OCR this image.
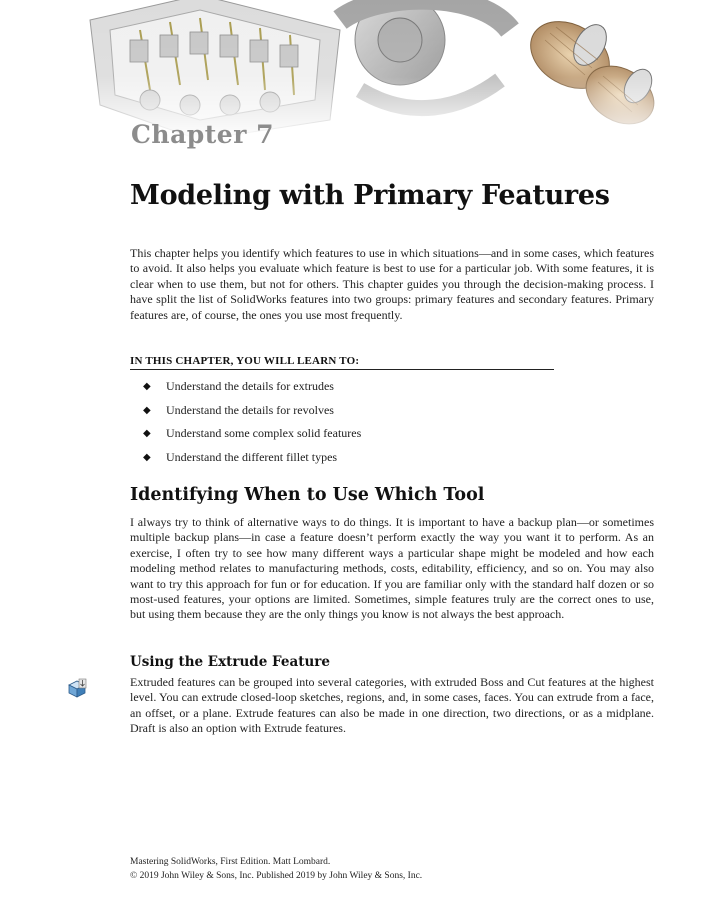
Chapter 7
Modeling with Primary Features

This chapter helps you identify which features to use in which situations—and in some cases, which features to avoid. It also helps you evaluate which feature is best to use for a particular job. With some features, it is clear when to use them, but not for others. This chapter guides you through the decision-making process. I have split the list of SolidWorks features into two groups: primary features and secondary features. Primary features are, of course, the ones you use most frequently.

IN THIS CHAPTER, YOU WILL LEARN TO:
◆	Understand the details for extrudes
◆	Understand the details for revolves
◆	Understand some complex solid features
◆	Understand the different fillet types
Identifying When to Use Which Tool

I always try to think of alternative ways to do things. It is important to have a backup plan—or sometimes multiple backup plans—in case a feature doesn’t perform exactly the way you want it to perform. As an exercise, I often try to see how many different ways a particular shape might be modeled and how each modeling method relates to manufacturing methods, costs, editability, efficiency, and so on. You may also want to try this approach for fun or for education. If you are familiar only with the standard half dozen or so most-used features, your options are limited. Sometimes, simple features truly are the correct ones to use, but using them because they are the only things you know is not always the best approach.

Using the Extrude Feature

Extruded features can be grouped into several categories, with extruded Boss and Cut features at the highest level. You can extrude closed-loop sketches, regions, and, in some cases, faces. You can extrude from a face, an offset, or a plane. Extrude features can also be made in one direction, two directions, or as a midplane. Draft is also an option with Extrude features.

Mastering SolidWorks, First Edition. Matt Lombard.
© 2019 John Wiley & Sons, Inc. Published 2019 by John Wiley & Sons, Inc.
